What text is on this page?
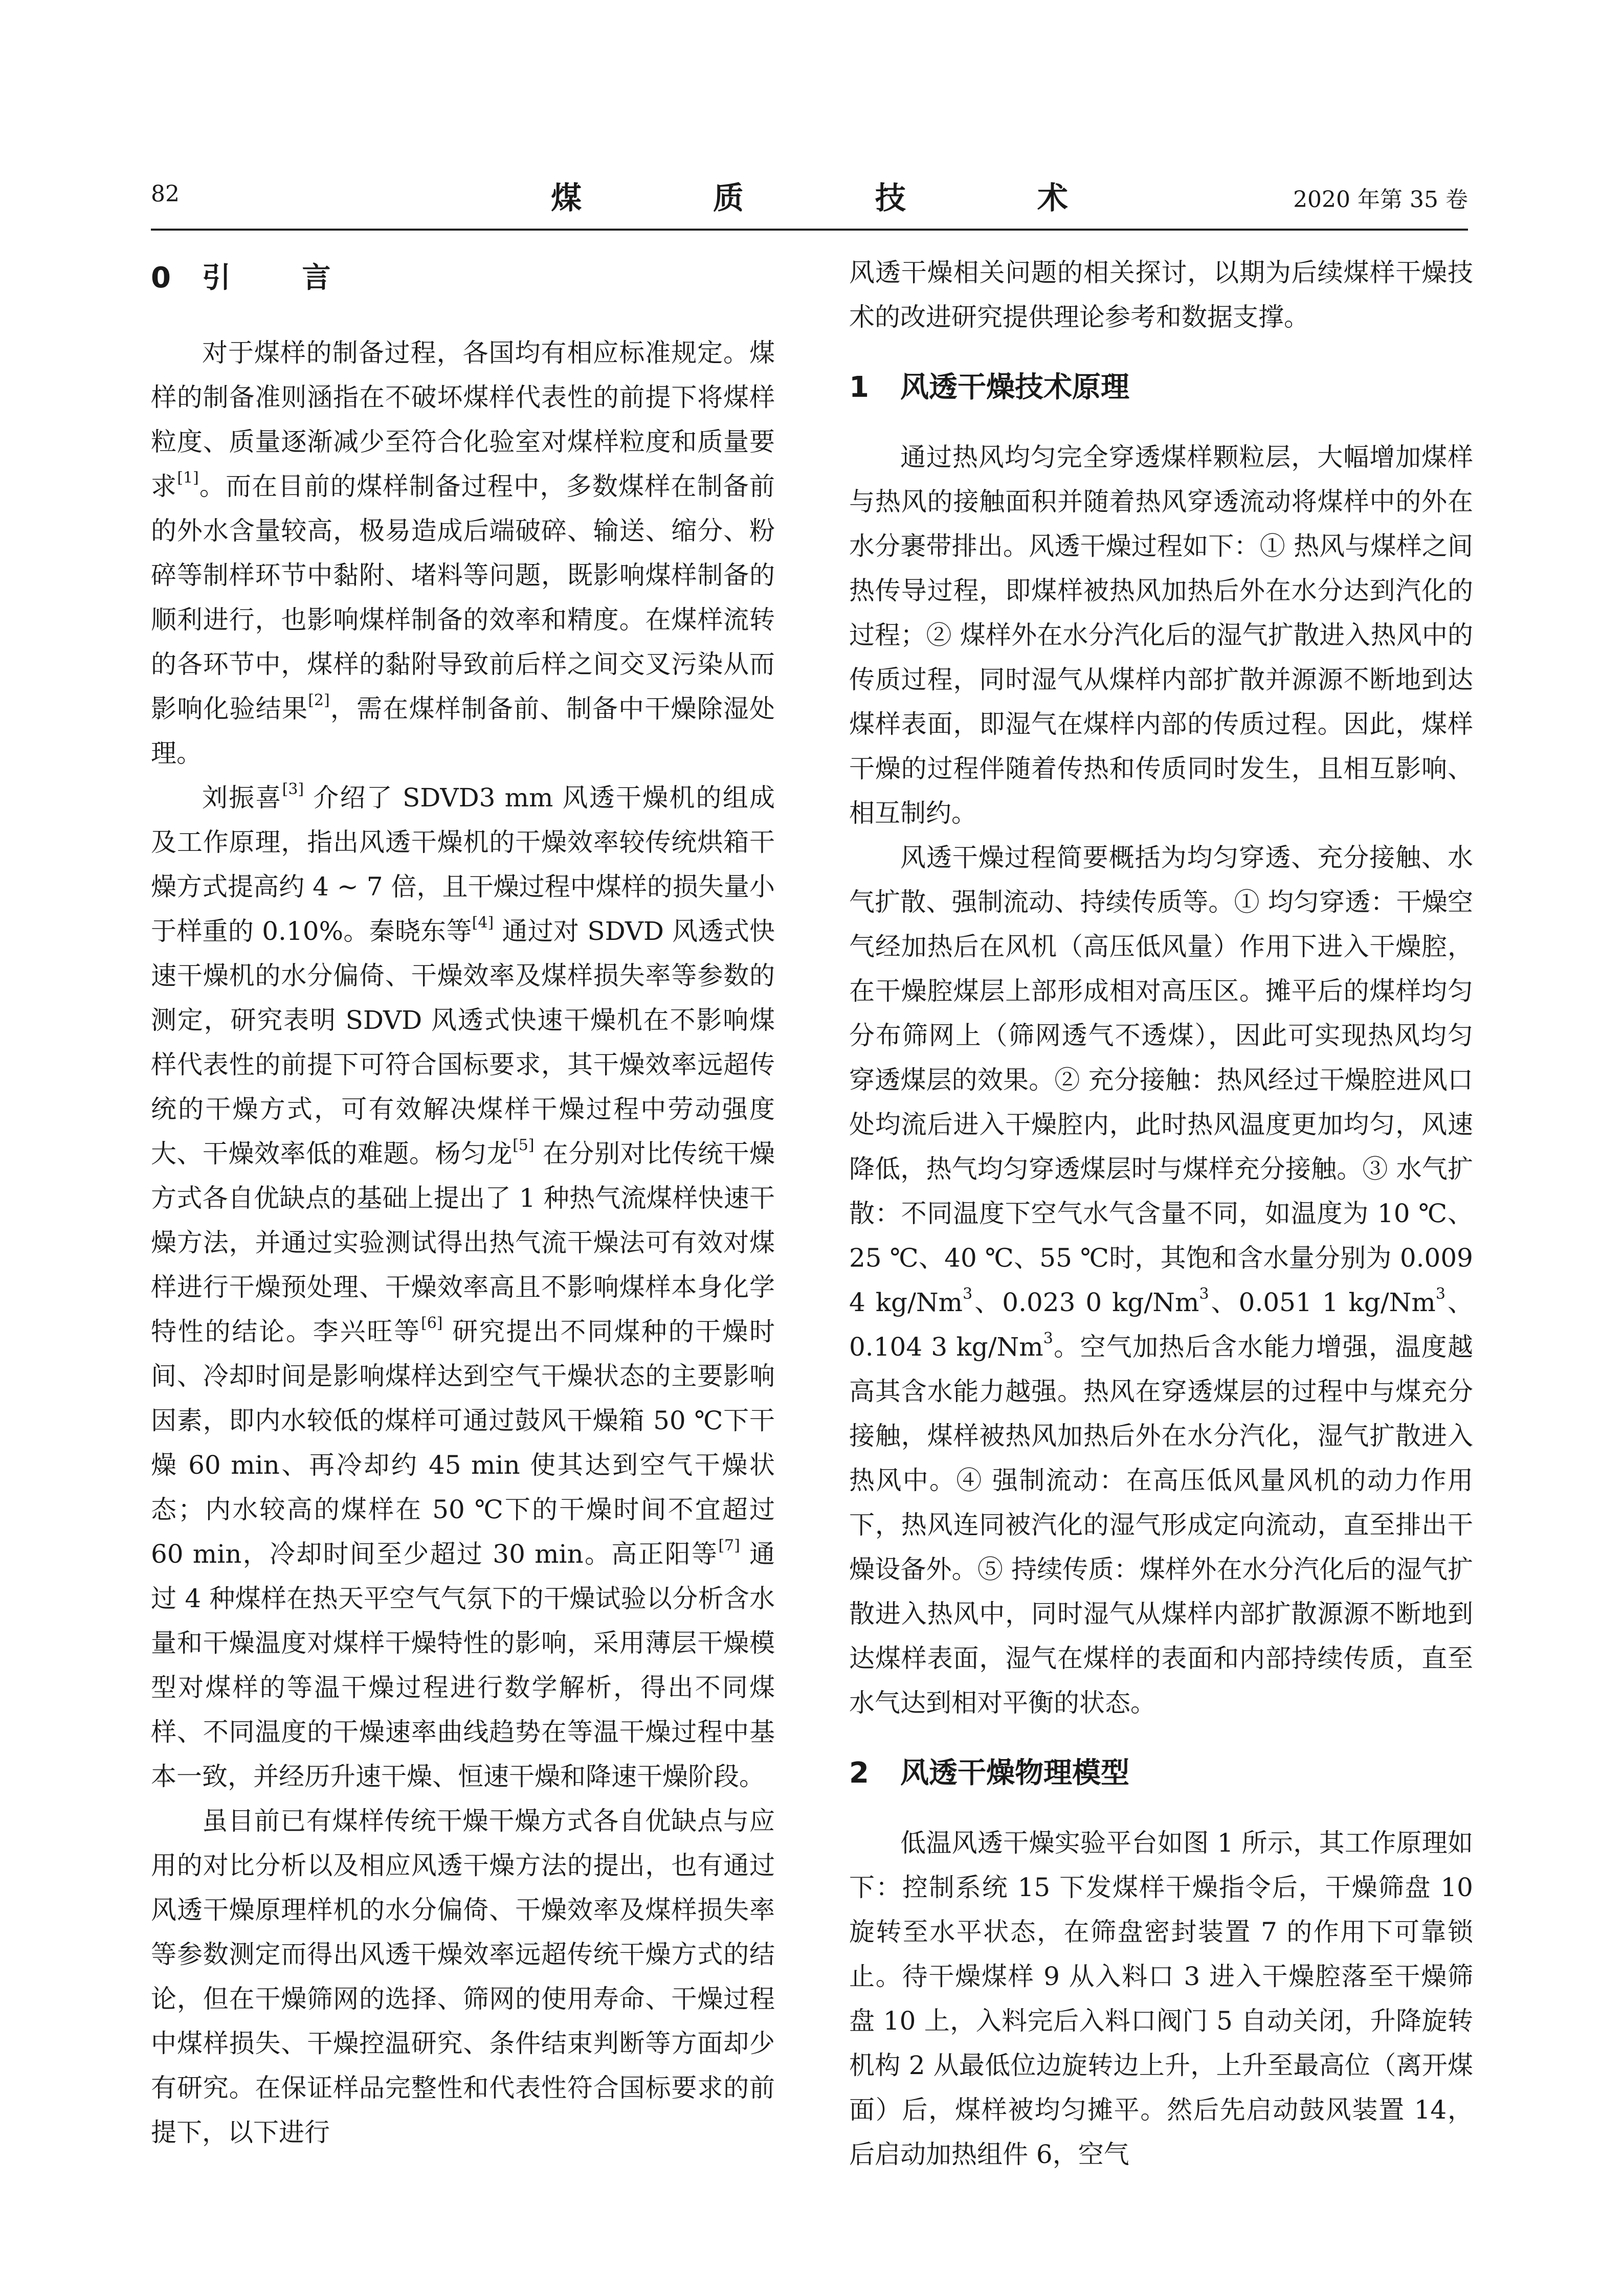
82	煤 质 技 术	2020 年第 35 卷
0引 言

对于煤样的制备过程，各国均有相应标准规定。煤样的制备准则涵指在不破坏煤样代表性的前提下将煤样粒度、质量逐渐减少至符合化验室对煤样粒度和质量要求[1]。而在目前的煤样制备过程中，多数煤样在制备前的外水含量较高，极易造成后端破碎、输送、缩分、粉碎等制样环节中黏附、堵料等问题，既影响煤样制备的顺利进行，也影响煤样制备的效率和精度。在煤样流转的各环节中，煤样的黏附导致前后样之间交叉污染从而影响化验结果[2]，需在煤样制备前、制备中干燥除湿处理。

刘振喜[3] 介绍了 SDVD3 mm 风透干燥机的组成及工作原理，指出风透干燥机的干燥效率较传统烘箱干燥方式提高约 4 ~ 7 倍，且干燥过程中煤样的损失量小于样重的 0.10%。秦晓东等[4] 通过对 SDVD 风透式快速干燥机的水分偏倚、干燥效率及煤样损失率等参数的测定，研究表明 SDVD 风透式快速干燥机在不影响煤样代表性的前提下可符合国标要求，其干燥效率远超传统的干燥方式，可有效解决煤样干燥过程中劳动强度大、干燥效率低的难题。杨匀龙[5] 在分别对比传统干燥方式各自优缺点的基础上提出了 1 种热气流煤样快速干燥方法，并通过实验测试得出热气流干燥法可有效对煤样进行干燥预处理、干燥效率高且不影响煤样本身化学特性的结论。李兴旺等[6] 研究提出不同煤种的干燥时间、冷却时间是影响煤样达到空气干燥状态的主要影响因素，即内水较低的煤样可通过鼓风干燥箱 50 ℃下干燥 60 min、再冷却约 45 min 使其达到空气干燥状态；内水较高的煤样在 50 ℃下的干燥时间不宜超过 60 min，冷却时间至少超过 30 min。高正阳等[7] 通过 4 种煤样在热天平空气气氛下的干燥试验以分析含水量和干燥温度对煤样干燥特性的影响，采用薄层干燥模型对煤样的等温干燥过程进行数学解析，得出不同煤样、不同温度的干燥速率曲线趋势在等温干燥过程中基本一致，并经历升速干燥、恒速干燥和降速干燥阶段。

虽目前已有煤样传统干燥干燥方式各自优缺点与应用的对比分析以及相应风透干燥方法的提出，也有通过风透干燥原理样机的水分偏倚、干燥效率及煤样损失率等参数测定而得出风透干燥效率远超传统干燥方式的结论，但在干燥筛网的选择、筛网的使用寿命、干燥过程中煤样损失、干燥控温研究、条件结束判断等方面却少有研究。在保证样品完整性和代表性符合国标要求的前提下，以下进行

风透干燥相关问题的相关探讨，以期为后续煤样干燥技术的改进研究提供理论参考和数据支撑。

1 风透干燥技术原理

通过热风均匀完全穿透煤样颗粒层，大幅增加煤样与热风的接触面积并随着热风穿透流动将煤样中的外在水分裹带排出。风透干燥过程如下：① 热风与煤样之间热传导过程，即煤样被热风加热后外在水分达到汽化的过程；② 煤样外在水分汽化后的湿气扩散进入热风中的传质过程，同时湿气从煤样内部扩散并源源不断地到达煤样表面，即湿气在煤样内部的传质过程。因此，煤样干燥的过程伴随着传热和传质同时发生，且相互影响、相互制约。

风透干燥过程简要概括为均匀穿透、充分接触、水气扩散、强制流动、持续传质等。① 均匀穿透：干燥空气经加热后在风机（高压低风量）作用下进入干燥腔，在干燥腔煤层上部形成相对高压区。摊平后的煤样均匀分布筛网上（筛网透气不透煤），因此可实现热风均匀穿透煤层的效果。② 充分接触：热风经过干燥腔进风口处均流后进入干燥腔内，此时热风温度更加均匀，风速降低，热气均匀穿透煤层时与煤样充分接触。③ 水气扩散：不同温度下空气水气含量不同，如温度为 10 ℃、25 ℃、40 ℃、55 ℃时，其饱和含水量分别为 0.009 4 kg/Nm$^3$、0.023 0 kg/Nm$^3$、0.051 1 kg/Nm$^3$、0.104 3 kg/Nm$^3$。空气加热后含水能力增强，温度越高其含水能力越强。热风在穿透煤层的过程中与煤充分接触，煤样被热风加热后外在水分汽化，湿气扩散进入热风中。④ 强制流动：在高压低风量风机的动力作用下，热风连同被汽化的湿气形成定向流动，直至排出干燥设备外。⑤ 持续传质：煤样外在水分汽化后的湿气扩散进入热风中，同时湿气从煤样内部扩散源源不断地到达煤样表面，湿气在煤样的表面和内部持续传质，直至水气达到相对平衡的状态。

2 风透干燥物理模型

低温风透干燥实验平台如图 1 所示，其工作原理如下：控制系统 15 下发煤样干燥指令后，干燥筛盘 10 旋转至水平状态，在筛盘密封装置 7 的作用下可靠锁止。待干燥煤样 9 从入料口 3 进入干燥腔落至干燥筛盘 10 上，入料完后入料口阀门 5 自动关闭，升降旋转机构 2 从最低位边旋转边上升，上升至最高位（离开煤面）后，煤样被均匀摊平。然后先启动鼓风装置 14，后启动加热组件 6，空气
